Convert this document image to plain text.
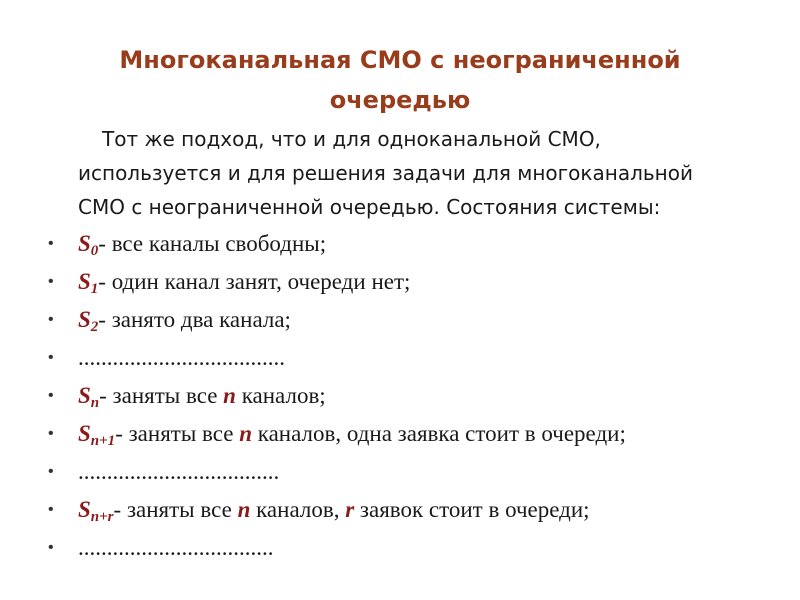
Многоканальная СМО с неограниченной
очередью
Тот же подход, что и для одноканальной СМО,
используется и для решения задачи для многоканальной
СМО с неограниченной очередью. Состояния системы:
• $S_0-$ все каналы свободны;
• $S_1-$ один канал занят, очереди нет;
• $S_2-$ занято два канала;
• ....................................
• $S_n-$ заняты все n каналов;
• $S_{n+1}-$ заняты все n каналов, одна заявка стоит в очереди;
• ...................................
• $S_{n+r}-$ заняты все n каналов, r заявок стоит в очереди;
• ..................................
